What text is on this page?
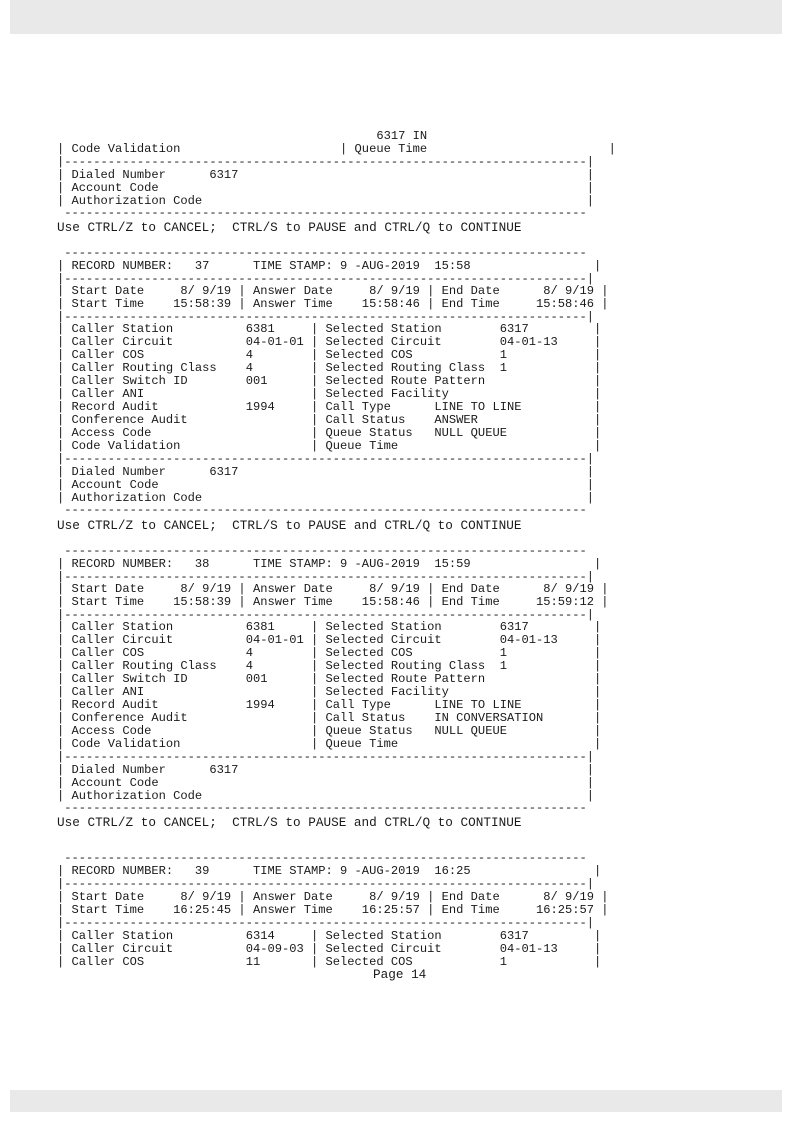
6317 IN
| Code Validation                      | Queue Time                         |
|------------------------------------------------------------------------|
| Dialed Number      6317                                                |
| Account Code                                                           |
| Authorization Code                                                     |
------------------------------------------------------------------------
Use CTRL/Z to CANCEL;  CTRL/S to PAUSE and CTRL/Q to CONTINUE
------------------------------------------------------------------------
| RECORD NUMBER:   37      TIME STAMP: 9 -AUG-2019  15:58                 |
|------------------------------------------------------------------------|
| Start Date     8/ 9/19 | Answer Date     8/ 9/19 | End Date      8/ 9/19 |
| Start Time    15:58:39 | Answer Time    15:58:46 | End Time     15:58:46 |
|------------------------------------------------------------------------|
| Caller Station          6381     | Selected Station        6317         |
| Caller Circuit          04-01-01 | Selected Circuit        04-01-13     |
| Caller COS              4        | Selected COS            1            |
| Caller Routing Class    4        | Selected Routing Class  1            |
| Caller Switch ID        001      | Selected Route Pattern               |
| Caller ANI                       | Selected Facility                    |
| Record Audit            1994     | Call Type      LINE TO LINE          |
| Conference Audit                 | Call Status    ANSWER                |
| Access Code                      | Queue Status   NULL QUEUE            |
| Code Validation                  | Queue Time                           |
|------------------------------------------------------------------------|
| Dialed Number      6317                                                |
| Account Code                                                           |
| Authorization Code                                                     |
------------------------------------------------------------------------
Use CTRL/Z to CANCEL;  CTRL/S to PAUSE and CTRL/Q to CONTINUE
------------------------------------------------------------------------
| RECORD NUMBER:   38      TIME STAMP: 9 -AUG-2019  15:59                 |
|------------------------------------------------------------------------|
| Start Date     8/ 9/19 | Answer Date     8/ 9/19 | End Date      8/ 9/19 |
| Start Time    15:58:39 | Answer Time    15:58:46 | End Time     15:59:12 |
|------------------------------------------------------------------------|
| Caller Station          6381     | Selected Station        6317         |
| Caller Circuit          04-01-01 | Selected Circuit        04-01-13     |
| Caller COS              4        | Selected COS            1            |
| Caller Routing Class    4        | Selected Routing Class  1            |
| Caller Switch ID        001      | Selected Route Pattern               |
| Caller ANI                       | Selected Facility                    |
| Record Audit            1994     | Call Type      LINE TO LINE          |
| Conference Audit                 | Call Status    IN CONVERSATION       |
| Access Code                      | Queue Status   NULL QUEUE            |
| Code Validation                  | Queue Time                           |
|------------------------------------------------------------------------|
| Dialed Number      6317                                                |
| Account Code                                                           |
| Authorization Code                                                     |
------------------------------------------------------------------------
Use CTRL/Z to CANCEL;  CTRL/S to PAUSE and CTRL/Q to CONTINUE
------------------------------------------------------------------------
| RECORD NUMBER:   39      TIME STAMP: 9 -AUG-2019  16:25                 |
|------------------------------------------------------------------------|
| Start Date     8/ 9/19 | Answer Date     8/ 9/19 | End Date      8/ 9/19 |
| Start Time    16:25:45 | Answer Time    16:25:57 | End Time     16:25:57 |
|------------------------------------------------------------------------|
| Caller Station          6314     | Selected Station        6317         |
| Caller Circuit          04-09-03 | Selected Circuit        04-01-13     |
| Caller COS              11       | Selected COS            1            |
Page 14
